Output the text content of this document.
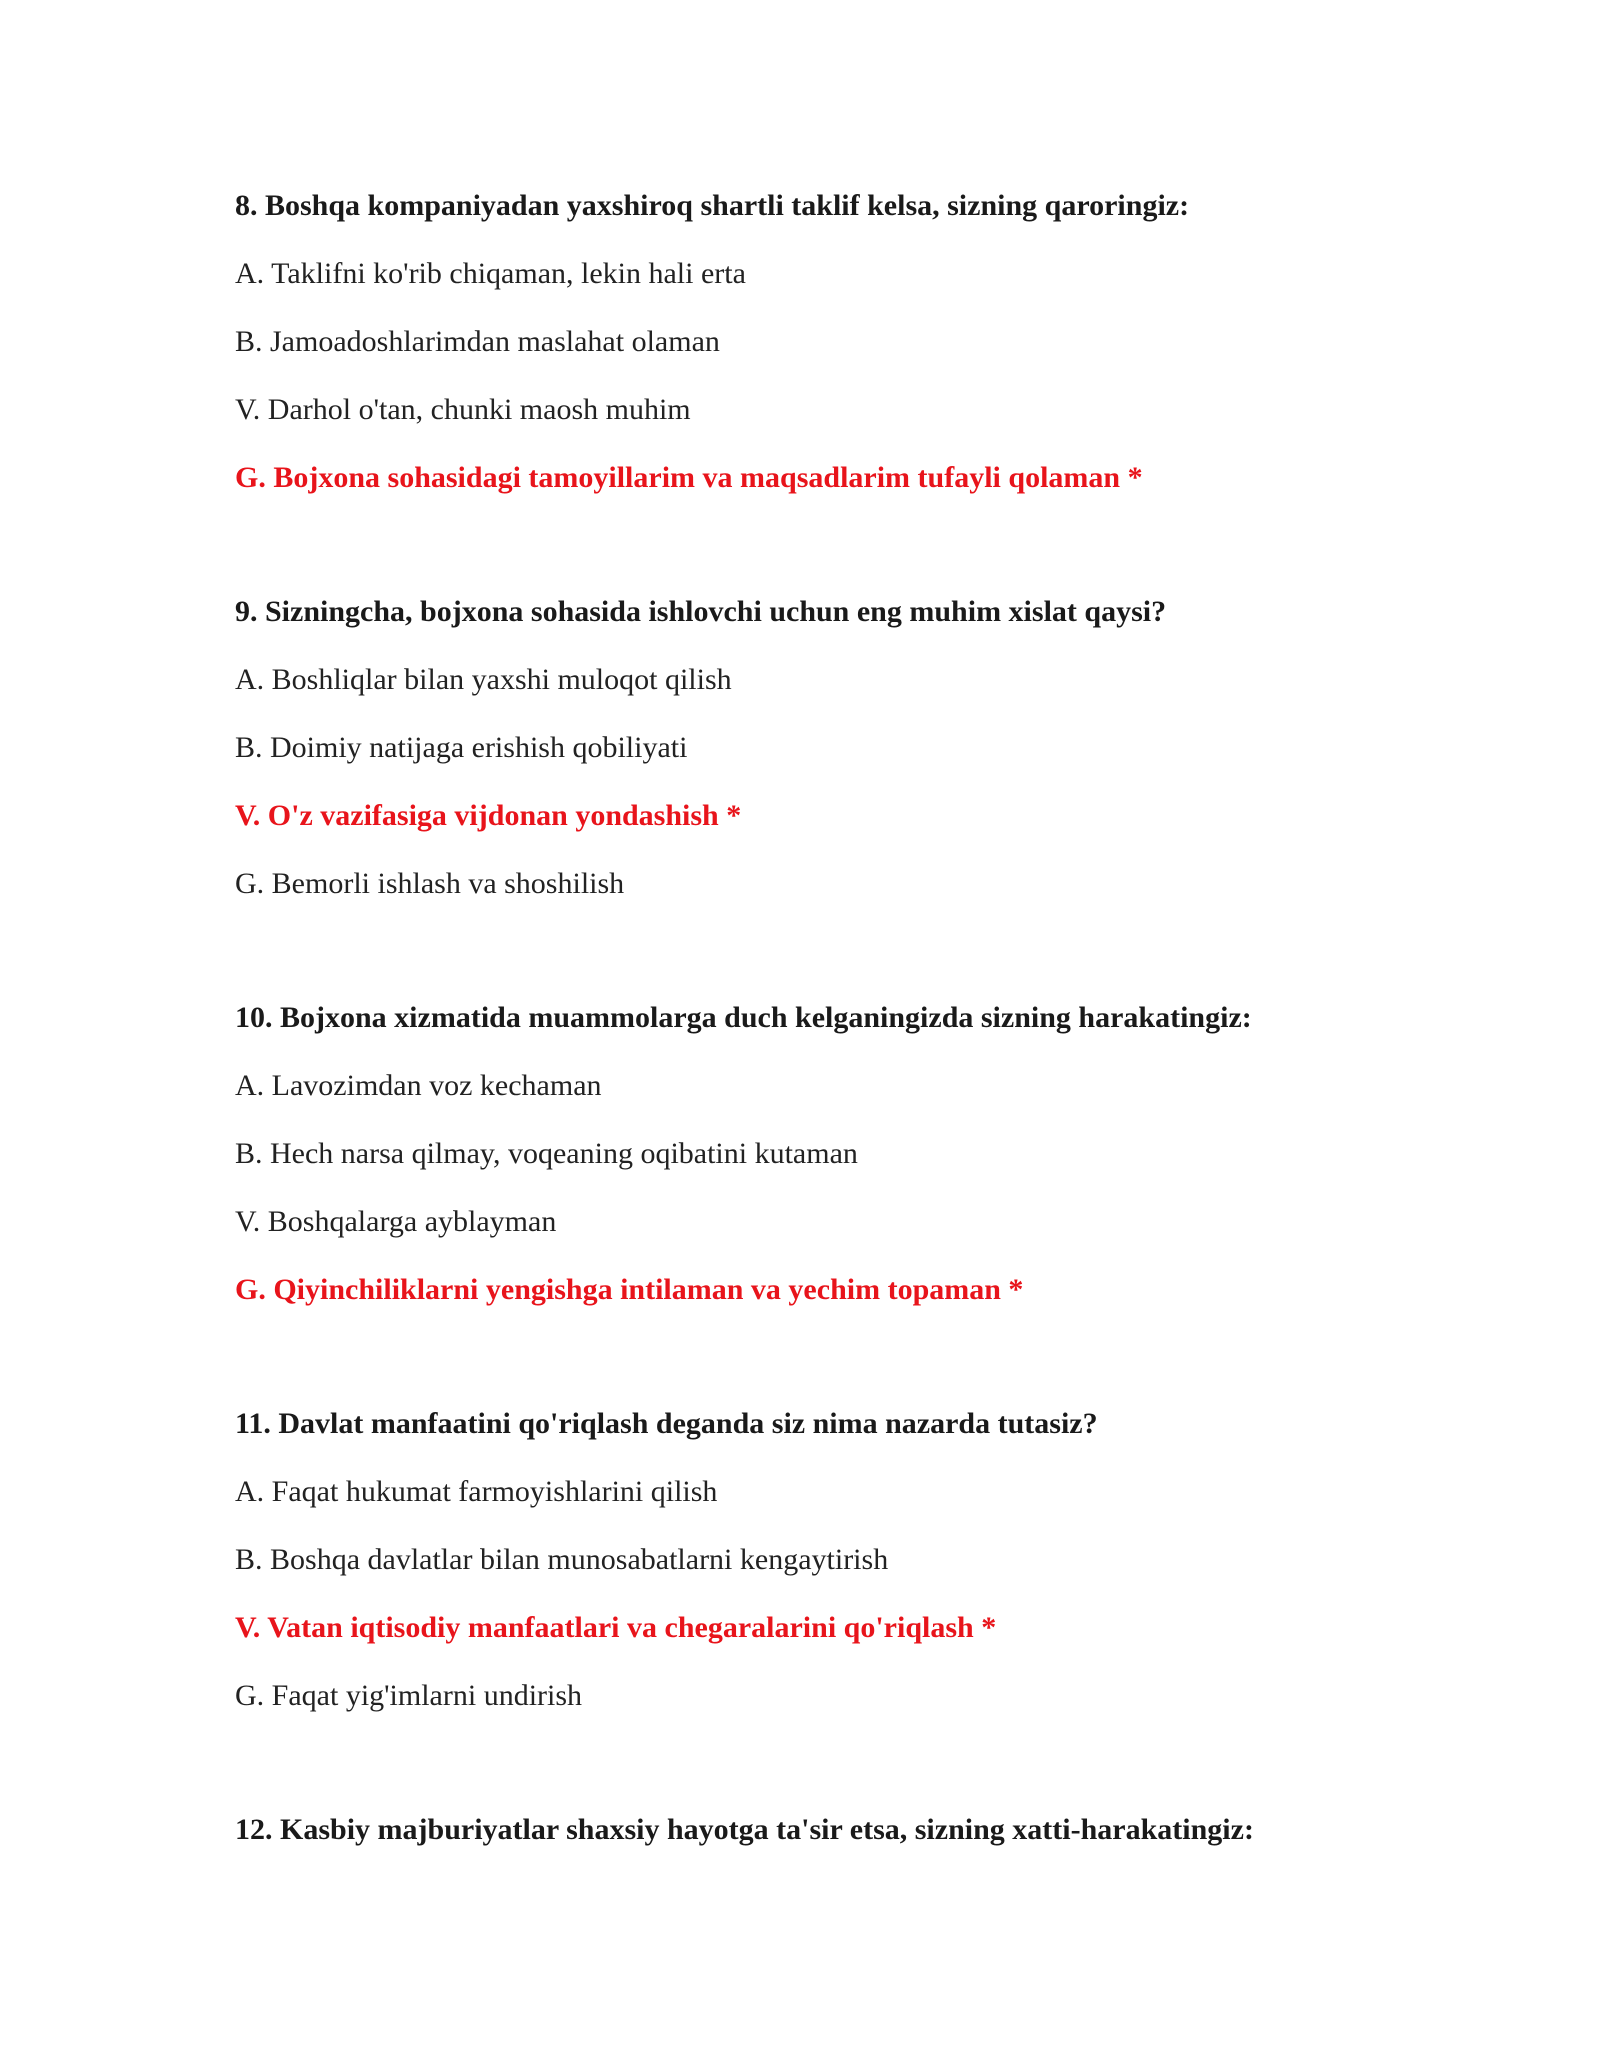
8. Boshqa kompaniyadan yaxshiroq shartli taklif kelsa, sizning qaroringiz:
A. Taklifni ko'rib chiqaman, lekin hali erta
B. Jamoadoshlarimdan maslahat olaman
V. Darhol o'tan, chunki maosh muhim
G. Bojxona sohasidagi tamoyillarim va maqsadlarim tufayli qolaman *
9. Sizningcha, bojxona sohasida ishlovchi uchun eng muhim xislat qaysi?
A. Boshliqlar bilan yaxshi muloqot qilish
B. Doimiy natijaga erishish qobiliyati
V. O'z vazifasiga vijdonan yondashish *
G. Bemorli ishlash va shoshilish
10. Bojxona xizmatida muammolarga duch kelganingizda sizning harakatingiz:
A. Lavozimdan voz kechaman
B. Hech narsa qilmay, voqeaning oqibatini kutaman
V. Boshqalarga ayblayman
G. Qiyinchiliklarni yengishga intilaman va yechim topaman *
11. Davlat manfaatini qo'riqlash deganda siz nima nazarda tutasiz?
A. Faqat hukumat farmoyishlarini qilish
B. Boshqa davlatlar bilan munosabatlarni kengaytirish
V. Vatan iqtisodiy manfaatlari va chegaralarini qo'riqlash *
G. Faqat yig'imlarni undirish
12. Kasbiy majburiyatlar shaxsiy hayotga ta'sir etsa, sizning xatti-harakatingiz:
